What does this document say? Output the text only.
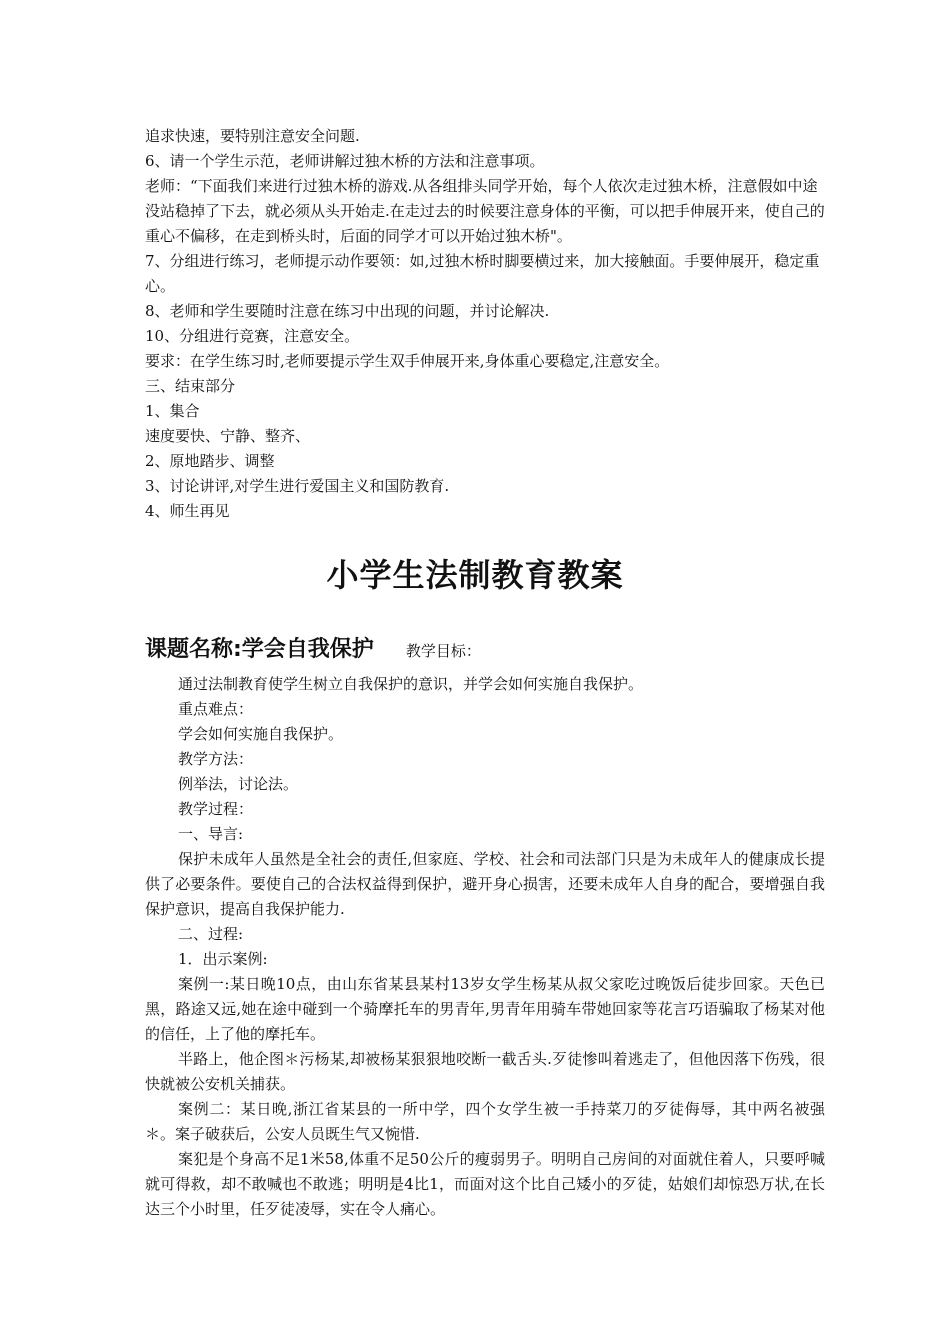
追求快速，要特别注意安全问题.

6、请一个学生示范，老师讲解过独木桥的方法和注意事项。

老师：“下面我们来进行过独木桥的游戏.从各组排头同学开始，每个人依次走过独木桥，注意假如中途没站稳掉了下去，就必须从头开始走.在走过去的时候要注意身体的平衡，可以把手伸展开来，使自己的重心不偏移，在走到桥头时，后面的同学才可以开始过独木桥"。

7、分组进行练习，老师提示动作要领：如,过独木桥时脚要横过来，加大接触面。手要伸展开，稳定重心。

8、老师和学生要随时注意在练习中出现的问题，并讨论解决.

10、分组进行竞赛，注意安全。

要求：在学生练习时,老师要提示学生双手伸展开来,身体重心要稳定,注意安全。

三、结束部分

1、集合

速度要快、宁静、整齐、

2、原地踏步、调整

3、讨论讲评,对学生进行爱国主义和国防教育.

4、师生再见

小学生法制教育教案
课题名称:学会自我保护 教学目标：

通过法制教育使学生树立自我保护的意识，并学会如何实施自我保护。

重点难点：

学会如何实施自我保护。

教学方法：

例举法，讨论法。

教学过程：

一、导言:

保护未成年人虽然是全社会的责任,但家庭、学校、社会和司法部门只是为未成年人的健康成长提供了必要条件。要使自己的合法权益得到保护，避开身心损害，还要未成年人自身的配合，要增强自我保护意识，提高自我保护能力.

二、过程:

1．出示案例:

案例一:某日晚10点，由山东省某县某村13岁女学生杨某从叔父家吃过晚饭后徒步回家。天色已黑，路途又远,她在途中碰到一个骑摩托车的男青年,男青年用骑车带她回家等花言巧语骗取了杨某对他的信任，上了他的摩托车。

半路上，他企图＊污杨某,却被杨某狠狠地咬断一截舌头.歹徒惨叫着逃走了，但他因落下伤残，很快就被公安机关捕获。

案例二：某日晚,浙江省某县的一所中学，四个女学生被一手持菜刀的歹徒侮辱，其中两名被强＊。案子破获后，公安人员既生气又惋惜.

案犯是个身高不足1米58,体重不足50公斤的瘦弱男子。明明自己房间的对面就住着人，只要呼喊就可得救，却不敢喊也不敢逃；明明是4比1，而面对这个比自己矮小的歹徒，姑娘们却惊恐万状,在长达三个小时里，任歹徒凌辱，实在令人痛心。
